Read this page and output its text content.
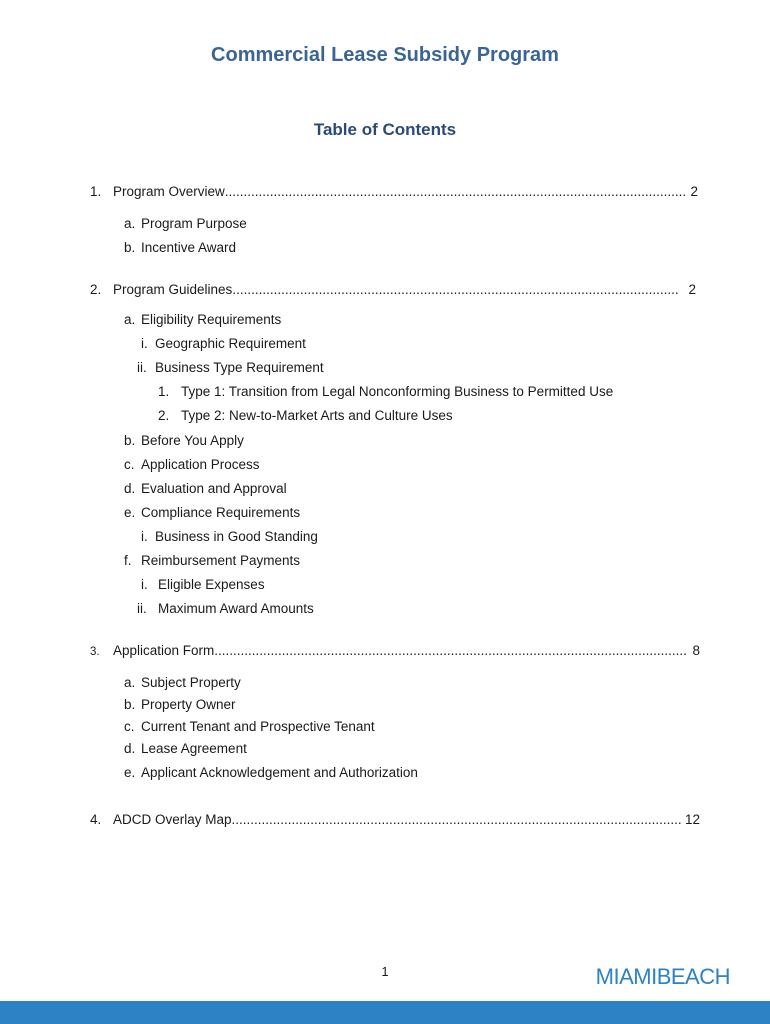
Commercial Lease Subsidy Program
Table of Contents
1. Program Overview .....	2
a. Program Purpose
b. Incentive Award
2. Program Guidelines .....	2
a. Eligibility Requirements
i. Geographic Requirement
ii. Business Type Requirement
1. Type 1: Transition from Legal Nonconforming Business to Permitted Use
2. Type 2: New-to-Market Arts and Culture Uses
b. Before You Apply
c. Application Process
d. Evaluation and Approval
e. Compliance Requirements
i. Business in Good Standing
f. Reimbursement Payments
i. Eligible Expenses
ii. Maximum Award Amounts
3. Application Form .....	8
a. Subject Property
b. Property Owner
c. Current Tenant and Prospective Tenant
d. Lease Agreement
e. Applicant Acknowledgement and Authorization
4. ADCD Overlay Map .....	12
1	MIAMIBEACH
